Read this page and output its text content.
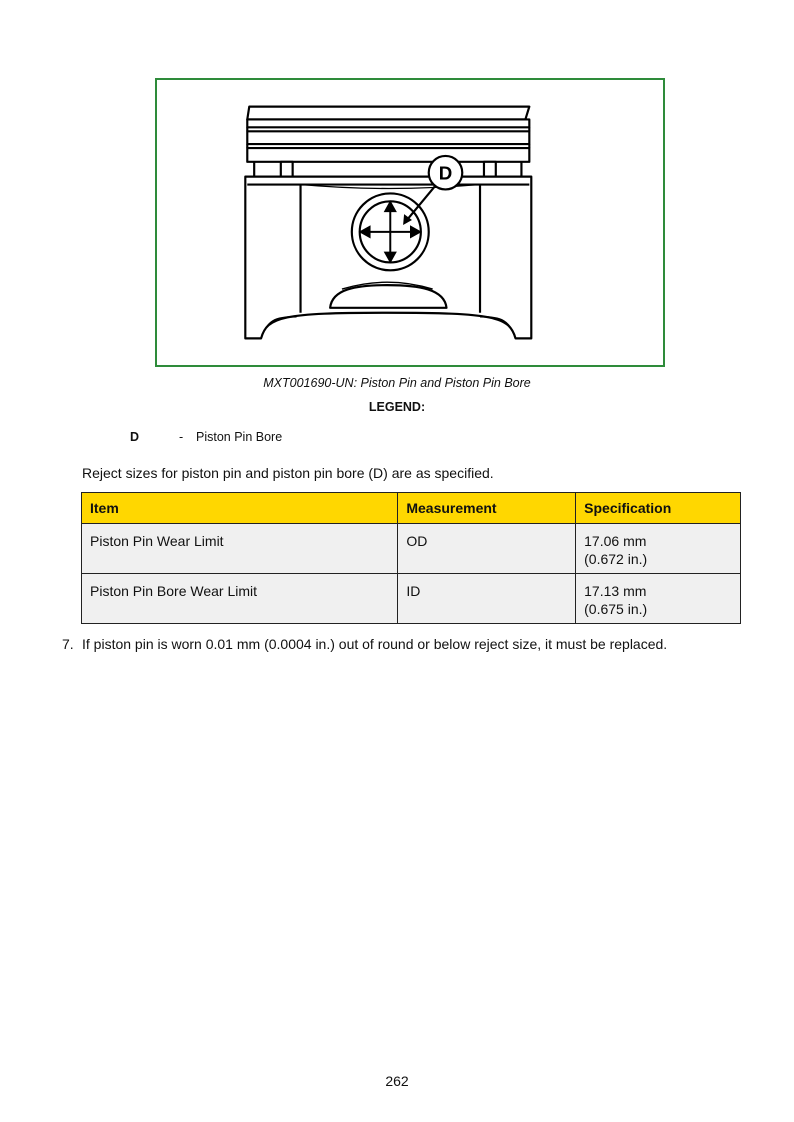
D
MXT001690-UN: Piston Pin and Piston Pin Bore
LEGEND:
D	- Piston Pin Bore
Reject sizes for piston pin and piston pin bore (D) are as specified.
Item	Measurement	Specification
Piston Pin Wear Limit	OD	17.06 mm
(0.672 in.)

Piston Pin Bore Wear Limit	ID	17.13 mm
(0.675 in.)
7. If piston pin is worn 0.01 mm (0.0004 in.) out of round or below reject size, it must be replaced.
262
